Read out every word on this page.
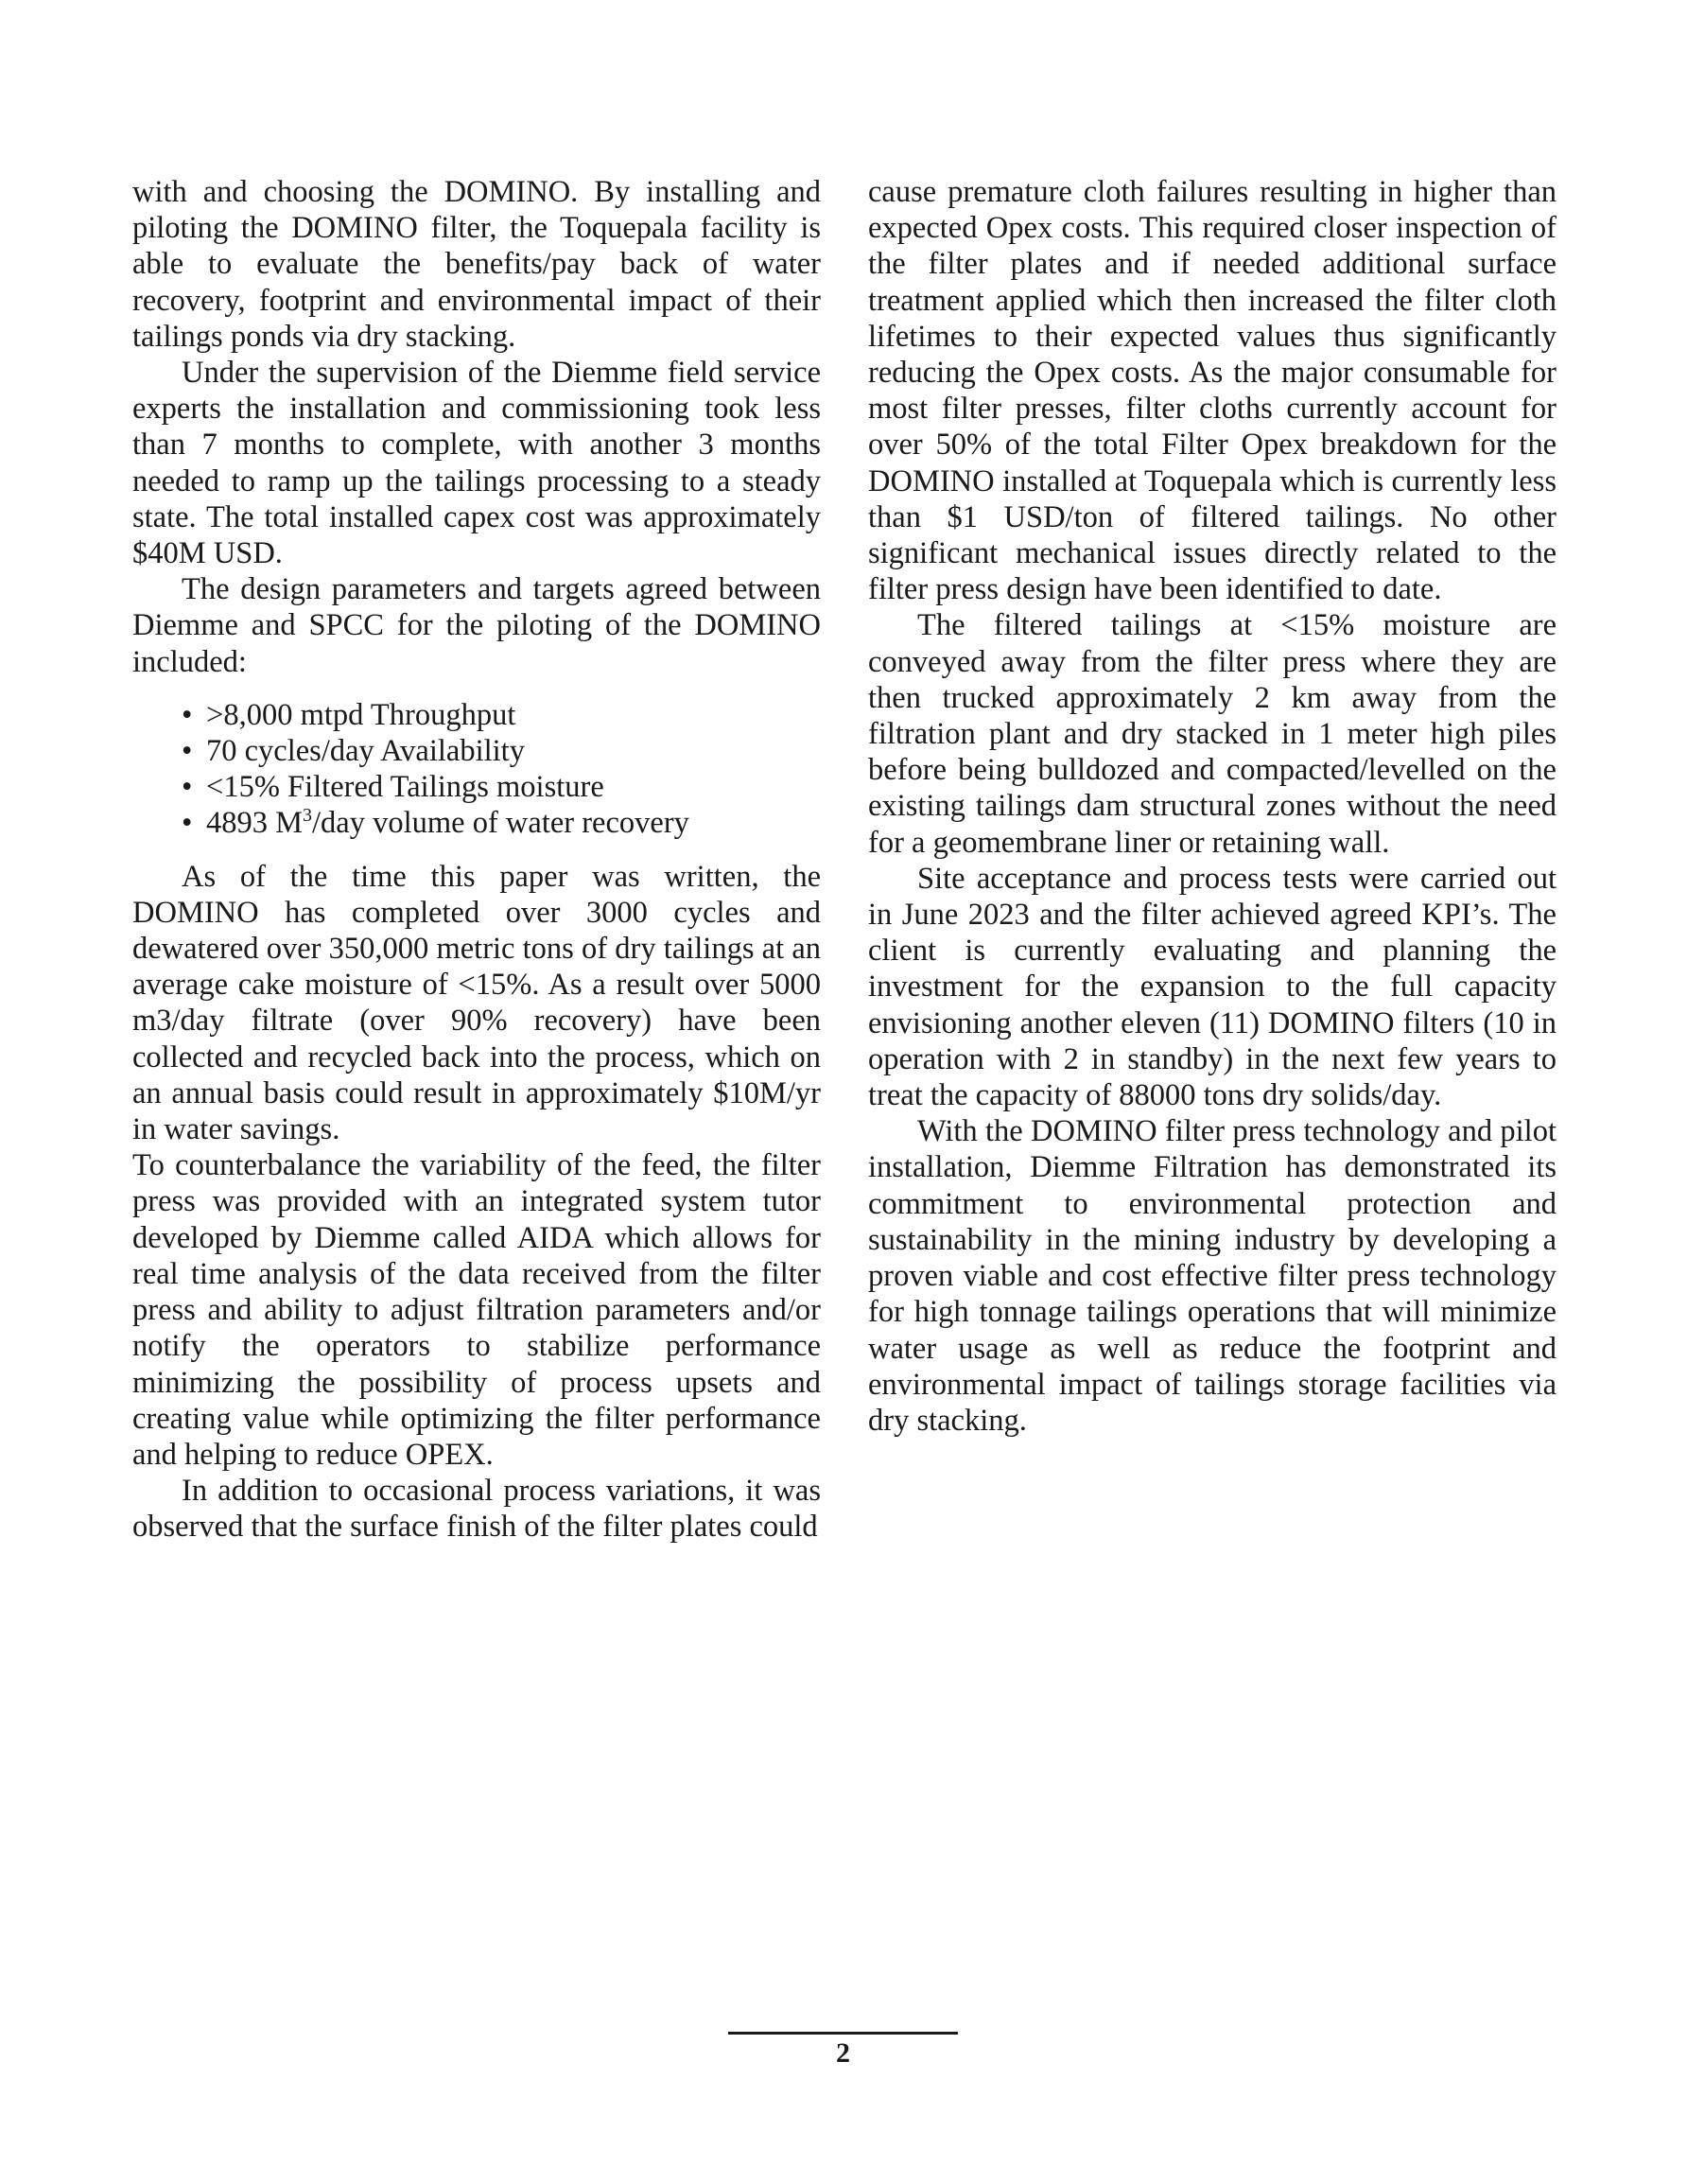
with and choosing the DOMINO. By installing and piloting the DOMINO filter, the Toquepala facility is able to evaluate the benefits/pay back of water recovery, footprint and environmental impact of their tailings ponds via dry stacking.

Under the supervision of the Diemme field service experts the installation and commissioning took less than 7 months to complete, with another 3 months needed to ramp up the tailings processing to a steady state. The total installed capex cost was approximately $40M USD.

The design parameters and targets agreed between Diemme and SPCC for the piloting of the DOMINO included:

• >8,000 mtpd Throughput
• 70 cycles/day Availability
• <15% Filtered Tailings moisture
• 4893 $M^3$/day volume of water recovery

As of the time this paper was written, the DOMINO has completed over 3000 cycles and dewatered over 350,000 metric tons of dry tailings at an average cake moisture of <15%. As a result over 5000 m3/day filtrate (over 90% recovery) have been collected and recycled back into the process, which on an annual basis could result in approximately $10M/yr in water savings.

To counterbalance the variability of the feed, the filter press was provided with an integrated system tutor developed by Diemme called AIDA which allows for real time analysis of the data received from the filter press and ability to adjust filtration parameters and/or notify the operators to stabilize performance minimizing the possibility of process upsets and creating value while optimizing the filter performance and helping to reduce OPEX.

In addition to occasional process variations, it was observed that the surface finish of the filter plates could

cause premature cloth failures resulting in higher than expected Opex costs. This required closer inspection of the filter plates and if needed additional surface treatment applied which then increased the filter cloth lifetimes to their expected values thus significantly reducing the Opex costs. As the major consumable for most filter presses, filter cloths currently account for over 50% of the total Filter Opex breakdown for the DOMINO installed at Toquepala which is currently less than $1 USD/ton of filtered tailings. No other significant mechanical issues directly related to the filter press design have been identified to date.

The filtered tailings at <15% moisture are conveyed away from the filter press where they are then trucked approximately 2 km away from the filtration plant and dry stacked in 1 meter high piles before being bulldozed and compacted/levelled on the existing tailings dam structural zones without the need for a geomembrane liner or retaining wall.

Site acceptance and process tests were carried out in June 2023 and the filter achieved agreed KPI’s. The client is currently evaluating and planning the investment for the expansion to the full capacity envisioning another eleven (11) DOMINO filters (10 in operation with 2 in standby) in the next few years to treat the capacity of 88000 tons dry solids/day.

With the DOMINO filter press technology and pilot installation, Diemme Filtration has demonstrated its commitment to environmental protection and sustainability in the mining industry by developing a proven viable and cost effective filter press technology for high tonnage tailings operations that will minimize water usage as well as reduce the footprint and environmental impact of tailings storage facilities via dry stacking.

2
